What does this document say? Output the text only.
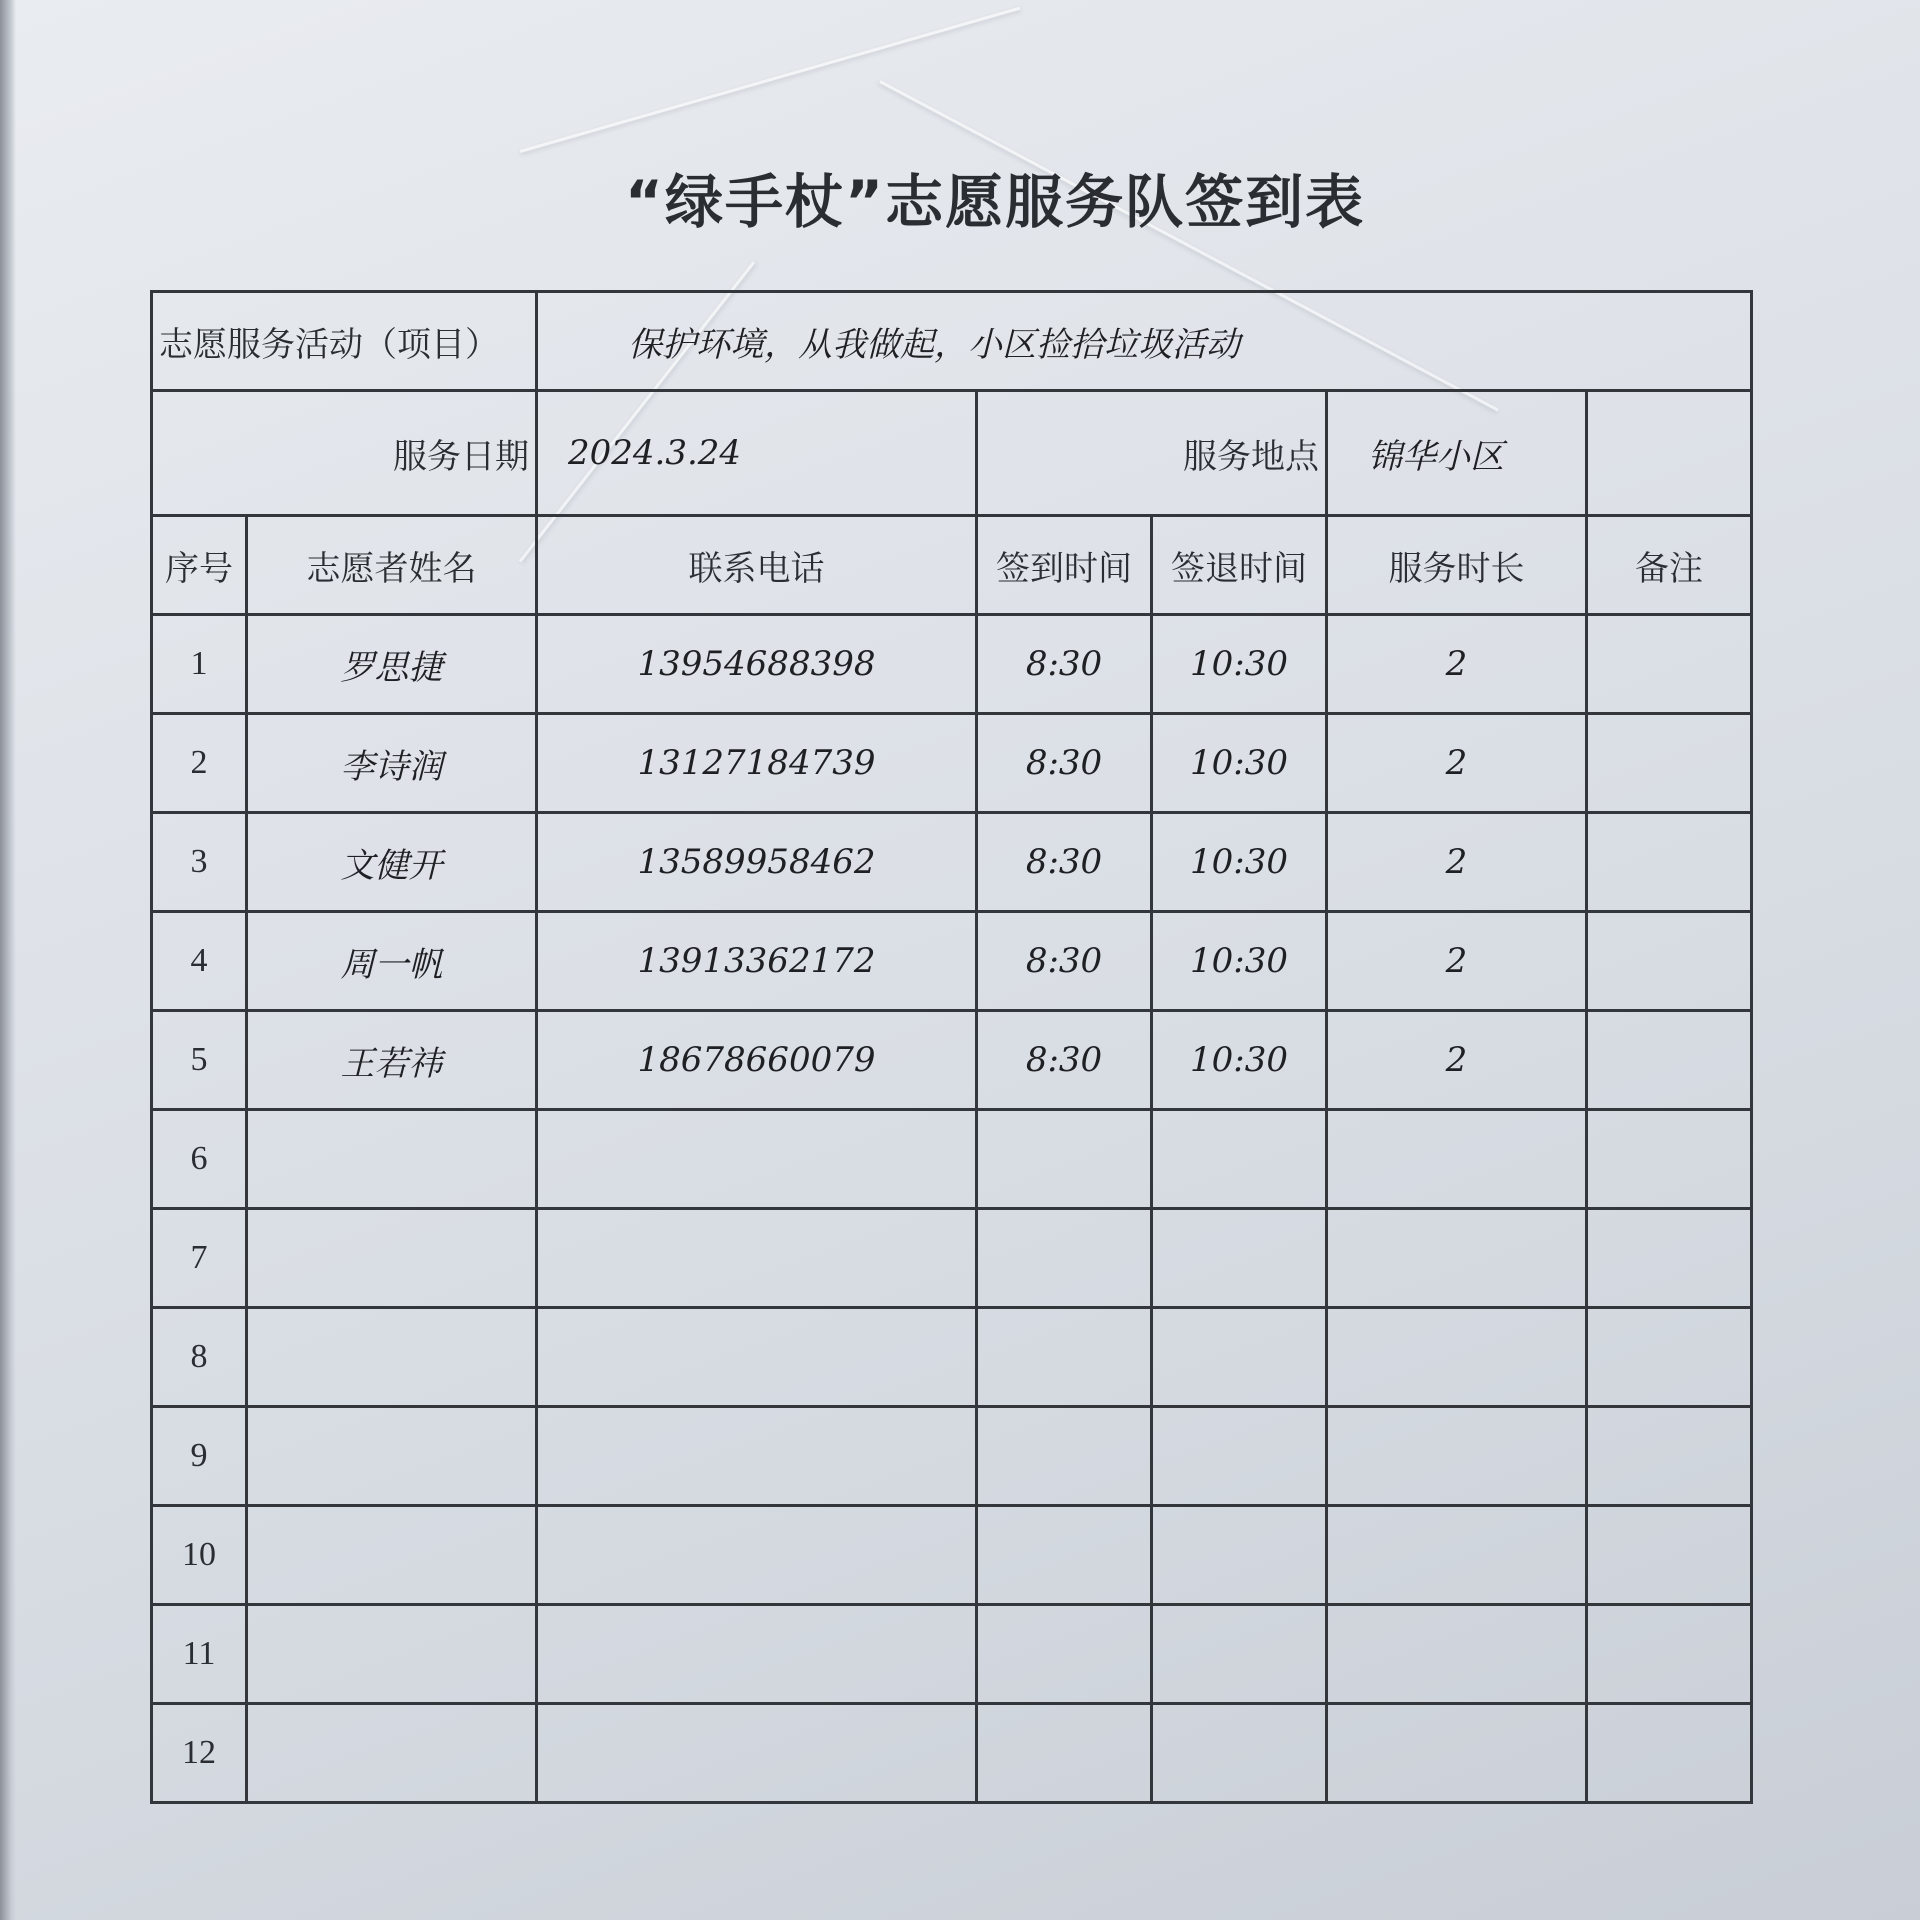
“绿手杖”志愿服务队签到表
志愿服务活动（项目）		保护环境，从我做起，小区捡拾垃圾活动				
服务日期		2024.3.24	服务地点		锦华小区	
序号	志愿者姓名	联系电话	签到时间	签退时间	服务时长	备注
1	罗思捷	13954688398	8:30	10:30	2	
2	李诗润	13127184739	8:30	10:30	2	
3	文健开	13589958462	8:30	10:30	2	
4	周一帆	13913362172	8:30	10:30	2	
5	王若祎	18678660079	8:30	10:30	2	
6						
7						
8						
9						
10						
11						
12						
